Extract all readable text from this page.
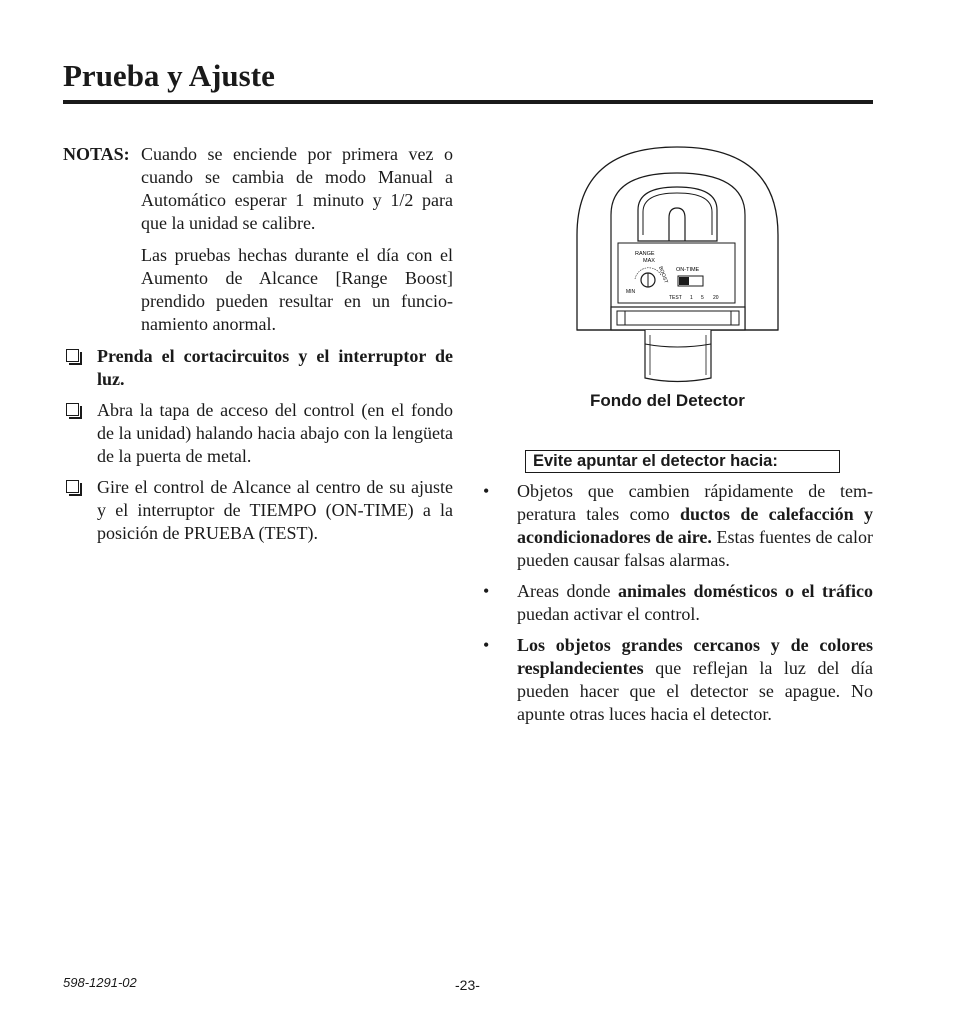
Prueba y Ajuste
NOTAS: Cuando se enciende por primera vez o cuando se cambia de modo Manual a Automático esperar 1 minuto y 1/2 para que la unidad se calibre.

Las pruebas hechas durante el día con el Aumento de Alcance [Range Boost] prendido pueden resultar en un funcionamiento anormal.

Prenda el cortacircuitos y el interruptor de luz.
Abra la tapa de acceso del control (en el fondo de la unidad) halando hacia abajo con la lengüeta de la puerta de metal.
Gire el control de Alcance al centro de su ajuste y el interruptor de TIEMPO (ON-TIME) a la posición de PRUEBA (TEST).
RANGE
MAX
MIN
BOOST ON-TIME
TEST 1 5 20
Fondo del Detector
Evite apuntar el detector hacia:
• Objetos que cambien rápidamente de temperatura tales como ductos de calefacción y acondicionadores de aire. Estas fuentes de calor pueden causar falsas alarmas.
• Areas donde animales domésticos o el tráfico puedan activar el control.
• Los objetos grandes cercanos y de colores resplandecientes que reflejan la luz del día pueden hacer que el detector se apague. No apunte otras luces hacia el detector.
598-1291-02	-23-
